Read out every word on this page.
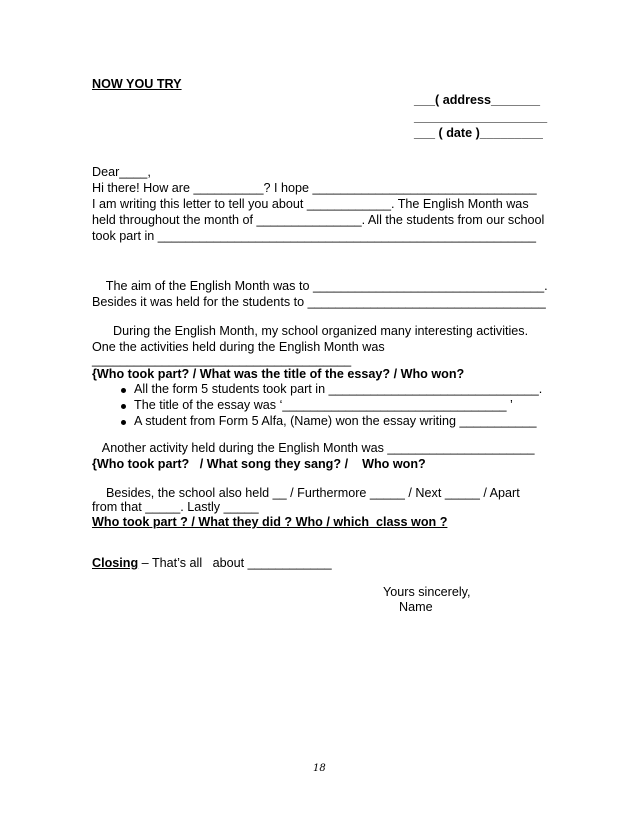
NOW YOU TRY
___( address_______
___________________
___ ( date )_________
Dear____,
Hi there! How are __________? I hope ________________________________
I am writing this letter to tell you about ____________. The English Month was
held throughout the month of _______________. All the students from our school
took part in ______________________________________________________
The aim of the English Month was to _________________________________.
Besides it was held for the students to __________________________________
During the English Month, my school organized many interesting activities.
One the activities held during the English Month was
_____________________________________
{Who took part? / What was the title of the essay? / Who won?
All the form 5 students took part in ______________________________.
The title of the essay was ‘________________________________ ’
A student from Form 5 Alfa, (Name) won the essay writing ___________
Another activity held during the English Month was _____________________
{Who took part?   / What song they sang? /    Who won?
Besides, the school also held __ / Furthermore _____ / Next _____ / Apart
from that _____. Lastly _____
Who took part ? / What they did ? Who / which  class won ?
Closing – That’s all   about ____________
Yours sincerely,
Name
18
